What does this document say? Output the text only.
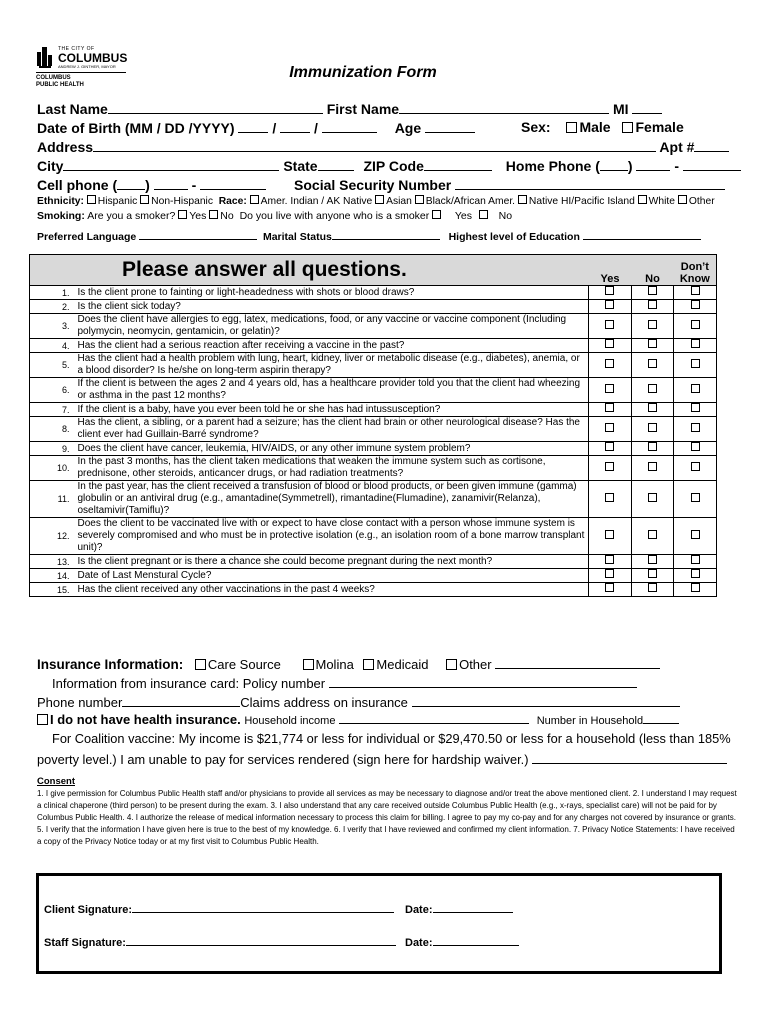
THE CITY OF
COLUMBUS
ANDREW J. GINTHER, MAYOR
COLUMBUS
PUBLIC HEALTH
Immunization Form
Last Name	First Name	MI
Date of Birth (MM / DD /YYYY)	/	/	Age	Sex: Male Female
Address	Apt #
City	State	ZIP Code	Home Phone ( )	-
Cell phone ( )	-	Social Security Number
Ethnicity: Hispanic Non-Hispanic Race: Amer. Indian / AK Native Asian Black/African Amer. Native HI/Pacific Island White Other
Smoking: Are you a smoker? Yes No Do you live with anyone who is a smoker Yes	No
Preferred Language	Marital Status	Highest level of Education
Please answer all questions.		Yes	No	Don’t
Know
1.	Is the client prone to fainting or light-headedness with shots or blood draws?			
2.	Is the client sick today?			
3.	Does the client have allergies to egg, latex, medications, food, or any vaccine or vaccine component (Including polymycin, neomycin, gentamicin, or gelatin)?			
4.	Has the client had a serious reaction after receiving a vaccine in the past?			
5.	Has the client had a health problem with lung, heart, kidney, liver or metabolic disease (e.g., diabetes), anemia, or a blood disorder? Is he/she on long-term aspirin therapy?			
6.	If the client is between the ages 2 and 4 years old, has a healthcare provider told you that the client had wheezing or asthma in the past 12 months?			
7.	If the client is a baby, have you ever been told he or she has had intussusception?			
8.	Has the client, a sibling, or a parent had a seizure; has the client had brain or other neurological disease? Has the client ever had Guillain-Barré syndrome?			
9.	Does the client have cancer, leukemia, HIV/AIDS, or any other immune system problem?			
10.	In the past 3 months, has the client taken medications that weaken the immune system such as cortisone, prednisone, other steroids, anticancer drugs, or had radiation treatments?			
11.	In the past year, has the client received a transfusion of blood or blood products, or been given immune (gamma) globulin or an antiviral drug (e.g., amantadine(Symmetrell), rimantadine(Flumadine), zanamivir(Relanza), oseltamivir(Tamiflu)?			
12.	Does the client to be vaccinated live with or expect to have close contact with a person whose immune system is severely compromised and who must be in protective isolation (e.g., an isolation room of a bone marrow transplant unit)?			
13.	Is the client pregnant or is there a chance she could become pregnant during the next month?			
14.	Date of Last Menstural Cycle?			
15.	Has the client received any other vaccinations in the past 4 weeks?			
Insurance Information: Care Source	Molina Medicaid Other
Information from insurance card: Policy number
Phone number	Claims address on insurance
I do not have health insurance. Household income	Number in Household
For Coalition vaccine: My income is $21,774 or less for individual or $29,470.50 or less for a household (less than 185%
poverty level.) I am unable to pay for services rendered (sign here for hardship waiver.)
Consent
1. I give permission for Columbus Public Health staff and/or physicians to provide all services as may be necessary to diagnose and/or treat the above mentioned client. 2. I understand I may request a clinical chaperone (third person) to be present during the exam. 3. I also understand that any care received outside Columbus Public Health (e.g., x-rays, specialist care) will not be paid for by Columbus Public Health. 4. I authorize the release of medical information necessary to process this claim for billing. I agree to pay my co-pay and for any charges not covered by insurance or grants. 5. I verify that the information I have given here is true to the best of my knowledge. 6. I verify that I have reviewed and confirmed my client information. 7. Privacy Notice Statements: I have received a copy of the Privacy Notice today or at my first visit to Columbus Public Health.
Client Signature:	Date:
Staff Signature:	Date:
